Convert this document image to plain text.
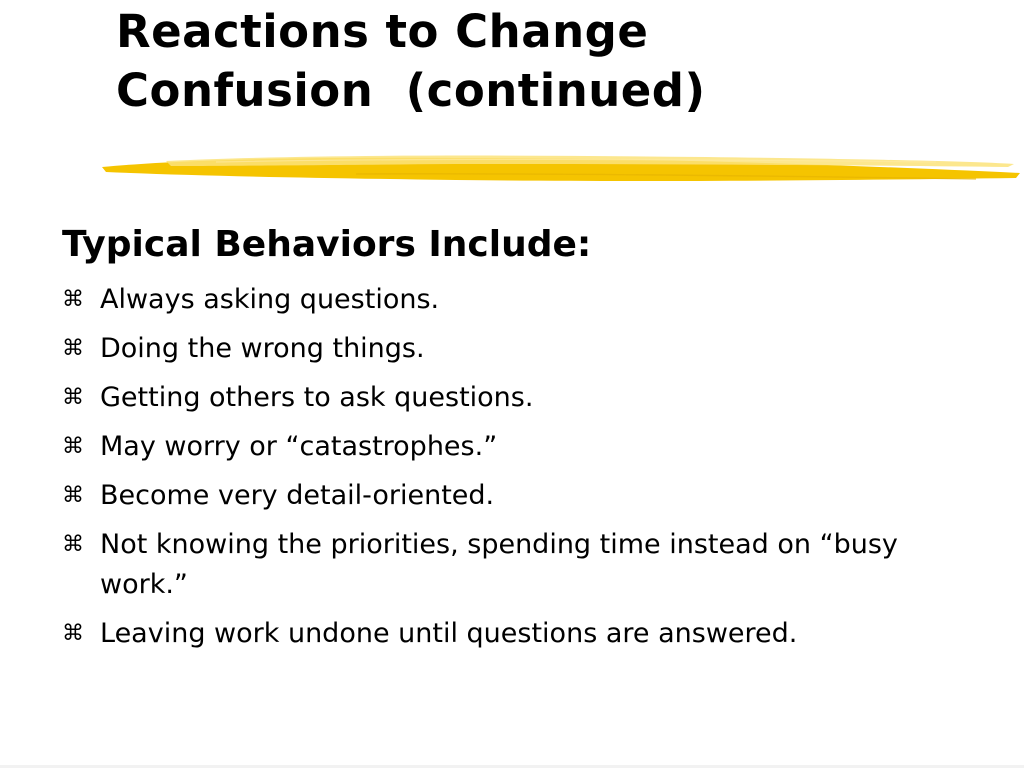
Reactions to Change
Confusion  (continued)
Typical Behaviors Include:
⌘ Always asking questions.
⌘ Doing the wrong things.
⌘ Getting others to ask questions.
⌘ May worry or “catastrophes.”
⌘ Become very detail-oriented.
⌘ Not knowing the priorities, spending time instead on “busy work.”
⌘ Leaving work undone until questions are answered.
